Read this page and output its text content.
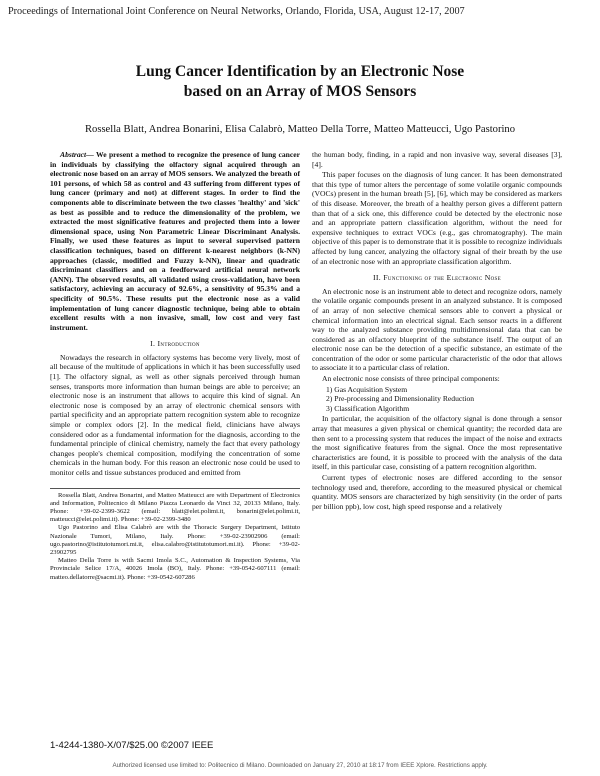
Proceedings of International Joint Conference on Neural Networks, Orlando, Florida, USA, August 12-17, 2007
Lung Cancer Identification by an Electronic Nose
based on an Array of MOS Sensors
Rossella Blatt, Andrea Bonarini, Elisa Calabrò, Matteo Della Torre, Matteo Matteucci, Ugo Pastorino

Abstract— We present a method to recognize the presence of lung cancer in individuals by classifying the olfactory signal acquired through an electronic nose based on an array of MOS sensors. We analyzed the breath of 101 persons, of which 58 as control and 43 suffering from different types of lung cancer (primary and not) at different stages. In order to find the components able to discriminate between the two classes 'healthy' and 'sick' as best as possible and to reduce the dimensionality of the problem, we extracted the most significative features and projected them into a lower dimensional space, using Non Parametric Linear Discriminant Analysis. Finally, we used these features as input to several supervised pattern classification techniques, based on different k-nearest neighbors (k-NN) approaches (classic, modified and Fuzzy k-NN), linear and quadratic discriminant classifiers and on a feedforward artificial neural network (ANN). The observed results, all validated using cross-validation, have been satisfactory, achieving an accuracy of 92.6%, a sensitivity of 95.3% and a specificity of 90.5%. These results put the electronic nose as a valid implementation of lung cancer diagnostic technique, being able to obtain excellent results with a non invasive, small, low cost and very fast instrument.

I. Introduction

Nowadays the research in olfactory systems has become very lively, most of all because of the multitude of applications in which it has been successfully used [1]. The olfactory signal, as well as other signals perceived through human senses, transports more information than human beings are able to perceive; an electronic nose is an instrument that allows to acquire this kind of signal. An electronic nose is composed by an array of electronic chemical sensors with partial specificity and an appropriate pattern recognition system able to recognize simple or complex odors [2]. In the medical field, clinicians have always considered odor as a fundamental information for the diagnosis, according to the fundamental principle of clinical chemistry, namely the fact that every pathology changes people's chemical composition, modifying the concentration of some chemicals in the human body. For this reason an electronic nose could be used to monitor cells and tissue substances produced and emitted from

Rossella Blatt, Andrea Bonarini, and Matteo Matteucci are with Department of Electronics and Information, Politecnico di Milano Piazza Leonardo da Vinci 32, 20133 Milano, Italy. Phone: +39-02-2399-3622 (email: blatt@elet.polimi.it, bonarini@elet.polimi.it, matteucci@elet.polimi.it). Phone: +39-02-2399-3480

Ugo Pastorino and Elisa Calabrò are with the Thoracic Surgery Department, Istituto Nazionale Tumori, Milano, Italy. Phone: +39-02-23902906 (email: ugo.pastorino@istitutotumori.mi.it, elisa.calabro@istitutotumori.mi.it). Phone: +39-02-23902795

Matteo Della Torre is with Sacmi Imola S.C., Automation & Inspection Systems, Via Provinciale Selice 17/A, 40026 Imola (BO), Italy. Phone: +39-0542-607111 (email: matteo.dellatorre@sacmi.it). Phone: +39-0542-607286

the human body, finding, in a rapid and non invasive way, several diseases [3], [4].

This paper focuses on the diagnosis of lung cancer. It has been demonstrated that this type of tumor alters the percentage of some volatile organic compounds (VOCs) present in the human breath [5], [6], which may be considered as markers of this disease. Moreover, the breath of a healthy person gives a different pattern than that of a sick one, this difference could be detected by the electronic nose and an appropriate pattern classification algorithm, without the need for expensive techniques to extract VOCs (e.g., gas chromatography). The main objective of this paper is to demonstrate that it is possible to recognize individuals affected by lung cancer, analyzing the olfactory signal of their breath by the use of an electronic nose with an appropriate classification algorithm.

II. Functioning of the Electronic Nose

An electronic nose is an instrument able to detect and recognize odors, namely the volatile organic compounds present in an analyzed substance. It is composed of an array of non selective chemical sensors able to convert a physical or chemical information into an electrical signal. Each sensor reacts in a different way to the analyzed substance providing multidimensional data that can be considered as an olfactory blueprint of the substance itself. The output of an electronic nose can be the detection of a specific substance, an estimate of the concentration of the odor or some particular characteristic of the odor that allows to associate it to a particular class of relation.

An electronic nose consists of three principal components:

1) Gas Acquisition System
2) Pre-processing and Dimensionality Reduction
3) Classification Algorithm

In particular, the acquisition of the olfactory signal is done through a sensor array that measures a given physical or chemical quantity; the recorded data are then sent to a processing system that reduces the impact of the noise and extracts the most significative features from the signal. Once the most representative characteristics are found, it is possible to proceed with the analysis of the data itself, in this particular case, consisting of a pattern recognition algorithm.

Current types of electronic noses are differed according to the sensor technology used and, therefore, according to the measured physical or chemical quantity. MOS sensors are characterized by high sensitivity (in the order of parts per billion ppb), low cost, high speed response and a relatively

1-4244-1380-X/07/$25.00 ©2007 IEEE
Authorized licensed use limited to: Politecnico di Milano. Downloaded on January 27, 2010 at 18:17 from IEEE Xplore. Restrictions apply.
